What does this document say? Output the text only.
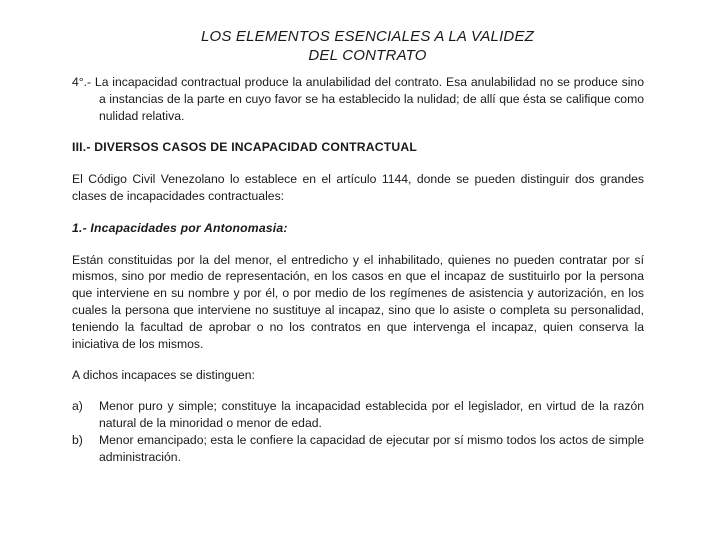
LOS ELEMENTOS ESENCIALES A LA VALIDEZ
DEL CONTRATO

4°.- La incapacidad contractual produce la anulabilidad del contrato. Esa anulabilidad no se produce sino a instancias de la parte en cuyo favor se ha establecido la nulidad; de allí que ésta se califique como nulidad relativa.

III.- DIVERSOS CASOS DE INCAPACIDAD CONTRACTUAL

El Código Civil Venezolano lo establece en el artículo 1144, donde se pueden distinguir dos grandes clases de incapacidades contractuales:

1.- Incapacidades por Antonomasia:

Están constituidas por la del menor, el entredicho y el inhabilitado, quienes no pueden contratar por sí mismos, sino por medio de representación, en los casos en que el incapaz de sustituirlo por la persona que interviene en su nombre y por él, o por medio de los regímenes de asistencia y autorización, en los cuales la persona que interviene no sustituye al incapaz, sino que lo asiste o completa su personalidad, teniendo la facultad de aprobar o no los contratos en que intervenga el incapaz, quien conserva la iniciativa de los mismos.

A dichos incapaces se distinguen:

a)	Menor puro y simple; constituye la incapacidad establecida por el legislador, en virtud de la razón natural de la minoridad o menor de edad.
b)	Menor emancipado; esta le confiere la capacidad de ejecutar por sí mismo todos los actos de simple administración.
